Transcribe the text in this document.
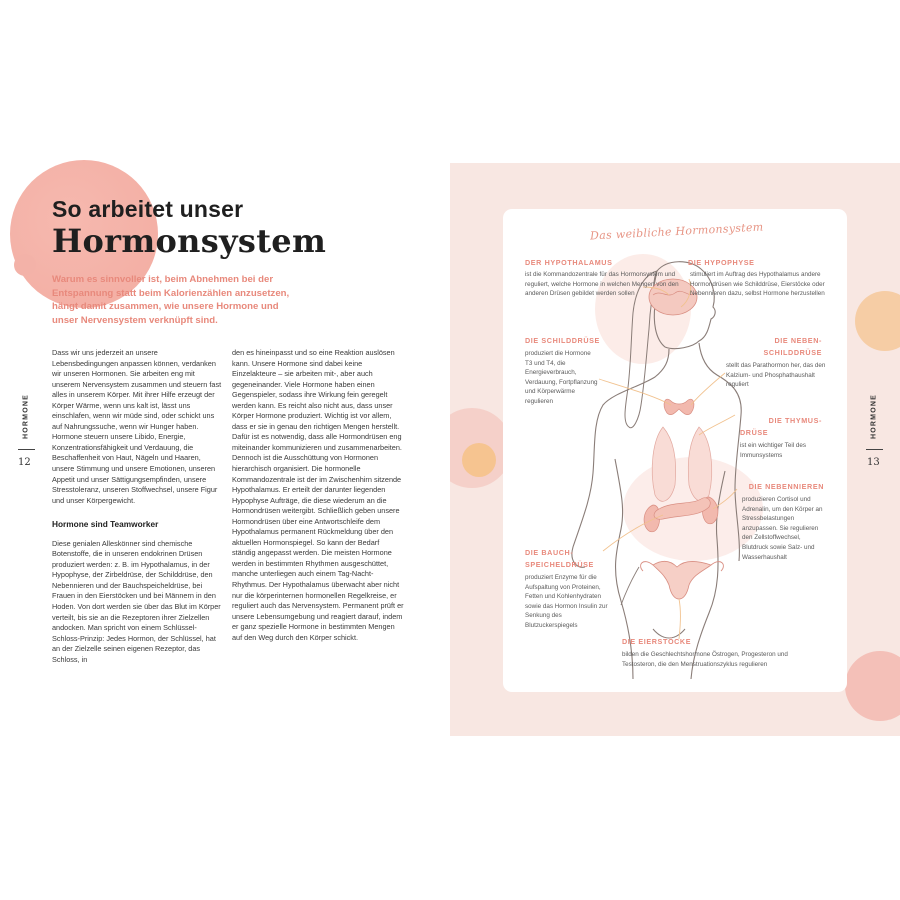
So arbeitet unser
Hormonsystem
Warum es sinnvoller ist, beim Abnehmen bei der Entspannung statt beim Kalorienzählen anzusetzen, hängt damit zusammen, wie unsere Hormone und unser Nervensystem verknüpft sind.

Dass wir uns jederzeit an unsere Lebensbedingungen anpassen können, verdanken wir unseren Hormonen. Sie arbeiten eng mit unserem Nervensystem zusammen und steuern fast alles in unserem Körper. Mit ihrer Hilfe erzeugt der Körper Wärme, wenn uns kalt ist, lässt uns einschlafen, wenn wir müde sind, oder schickt uns auf Nahrungssuche, wenn wir Hunger haben. Hormone steuern unsere Libido, Energie, Konzentrationsfähigkeit und Verdauung, die Beschaffenheit von Haut, Nägeln und Haaren, unsere Stimmung und unsere Emotionen, unseren Appetit und unser Sättigungsempfinden, unsere Stresstoleranz, unseren Stoffwechsel, unsere Figur und unser Körpergewicht.

Hormone sind Teamworker

Diese genialen Alleskönner sind chemische Botenstoffe, die in unseren endokrinen Drüsen produziert werden: z. B. im Hypothalamus, in der Hypophyse, der Zirbeldrüse, der Schilddrüse, den Nebennieren und der Bauchspeicheldrüse, bei Frauen in den Eierstöcken und bei Männern in den Hoden. Von dort werden sie über das Blut im Körper verteilt, bis sie an die Rezeptoren ihrer Zielzellen andocken. Man spricht von einem Schlüssel-Schloss-Prinzip: Jedes Hormon, der Schlüssel, hat an der Zielzelle seinen eigenen Rezeptor, das Schloss, in

den es hineinpasst und so eine Reaktion auslösen kann. Unsere Hormone sind dabei keine Einzelakteure – sie arbeiten mit-, aber auch gegeneinander. Viele Hormone haben einen Gegenspieler, sodass ihre Wirkung fein geregelt werden kann. Es reicht also nicht aus, dass unser Körper Hormone produziert. Wichtig ist vor allem, dass er sie in genau den richtigen Mengen herstellt. Dafür ist es notwendig, dass alle Hormondrüsen eng miteinander kommunizieren und zusammenarbeiten. Dennoch ist die Ausschüttung von Hormonen hierarchisch organisiert. Die hormonelle Kommandozentrale ist der im Zwischenhirn sitzende Hypothalamus. Er erteilt der darunter liegenden Hypophyse Aufträge, die diese wiederum an die Hormondrüsen weitergibt. Schließlich geben unsere Hormondrüsen über eine Antwortschleife dem Hypothalamus permanent Rückmeldung über den aktuellen Hormonspiegel. So kann der Bedarf ständig angepasst werden. Die meisten Hormone werden in bestimmten Rhythmen ausgeschüttet, manche unterliegen auch einem Tag-Nacht-Rhythmus. Der Hypothalamus überwacht aber nicht nur die körperinternen hormonellen Regelkreise, er reguliert auch das Nervensystem. Permanent prüft er unsere Lebensumgebung und reagiert darauf, indem er ganz spezielle Hormone in bestimmten Mengen auf den Weg durch den Körper schickt.

HORMONE
12
HORMONE
13
Das weibliche Hormonsystem
DER HYPOTHALAMUS
ist die Kommandozentrale für das Hormonsystem und reguliert, welche Hormone in welchen Mengen von den anderen Drüsen gebildet werden sollen
DIE HYPOPHYSE
stimuliert im Auftrag des Hypothalamus andere Hormondrüsen wie Schilddrüse, Eierstöcke oder Nebennieren dazu, selbst Hormone herzustellen
DIE SCHILDDRÜSE
produziert die Hormone T3 und T4, die Energieverbrauch, Verdauung, Fortpflanzung und Körperwärme regulieren
DIE NEBEN-
SCHILDDRÜSE
stellt das Parathormon her, das den Kalzium- und Phosphathaushalt reguliert
DIE THYMUS-
DRÜSE
ist ein wichtiger Teil des Immunsystems
DIE NEBENNIEREN
produzieren Cortisol und Adrenalin, um den Körper an Stressbelastungen anzupassen. Sie regulieren den Zellstoffwechsel, Blutdruck sowie Salz- und Wasserhaushalt
DIE BAUCH-
SPEICHELDRÜSE
produziert Enzyme für die Aufspaltung von Proteinen, Fetten und Kohlenhydraten sowie das Hormon Insulin zur Senkung des Blutzuckerspiegels
DIE EIERSTÖCKE
bilden die Geschlechtshormone Östrogen, Progesteron und Testosteron, die den Menstruationszyklus regulieren
